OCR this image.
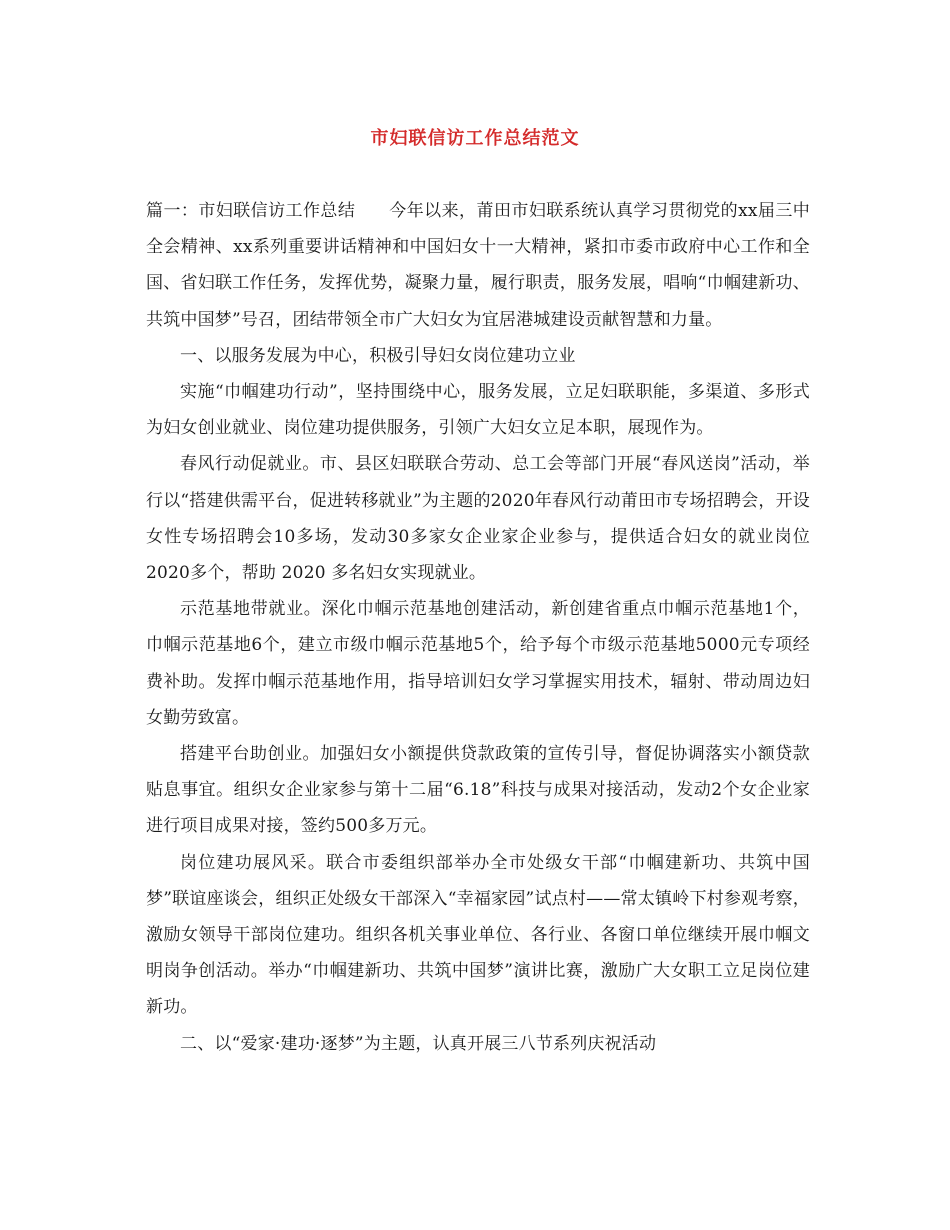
市妇联信访工作总结范文

篇一：市妇联信访工作总结 今年以来，莆田市妇联系统认真学习贯彻党的xx届三中全会精神、xx系列重要讲话精神和中国妇女十一大精神，紧扣市委市政府中心工作和全国、省妇联工作任务，发挥优势，凝聚力量，履行职责，服务发展，唱响“巾帼建新功、共筑中国梦”号召，团结带领全市广大妇女为宜居港城建设贡献智慧和力量。

一、以服务发展为中心，积极引导妇女岗位建功立业

实施“巾帼建功行动”，坚持围绕中心，服务发展，立足妇联职能，多渠道、多形式为妇女创业就业、岗位建功提供服务，引领广大妇女立足本职，展现作为。

春风行动促就业。市、县区妇联联合劳动、总工会等部门开展“春风送岗”活动，举行以“搭建供需平台，促进转移就业”为主题的2020年春风行动莆田市专场招聘会，开设女性专场招聘会10多场，发动30多家女企业家企业参与，提供适合妇女的就业岗位2020多个，帮助 2020 多名妇女实现就业。

示范基地带就业。深化巾帼示范基地创建活动，新创建省重点巾帼示范基地1个，巾帼示范基地6个，建立市级巾帼示范基地5个，给予每个市级示范基地5000元专项经费补助。发挥巾帼示范基地作用，指导培训妇女学习掌握实用技术，辐射、带动周边妇女勤劳致富。

搭建平台助创业。加强妇女小额提供贷款政策的宣传引导，督促协调落实小额贷款贴息事宜。组织女企业家参与第十二届“6.18”科技与成果对接活动，发动2个女企业家进行项目成果对接，签约500多万元。

岗位建功展风采。联合市委组织部举办全市处级女干部“巾帼建新功、共筑中国梦”联谊座谈会，组织正处级女干部深入“幸福家园”试点村——常太镇岭下村参观考察，激励女领导干部岗位建功。组织各机关事业单位、各行业、各窗口单位继续开展巾帼文明岗争创活动。举办“巾帼建新功、共筑中国梦”演讲比赛，激励广大女职工立足岗位建新功。

二、以“爱家·建功·逐梦”为主题，认真开展三八节系列庆祝活动
